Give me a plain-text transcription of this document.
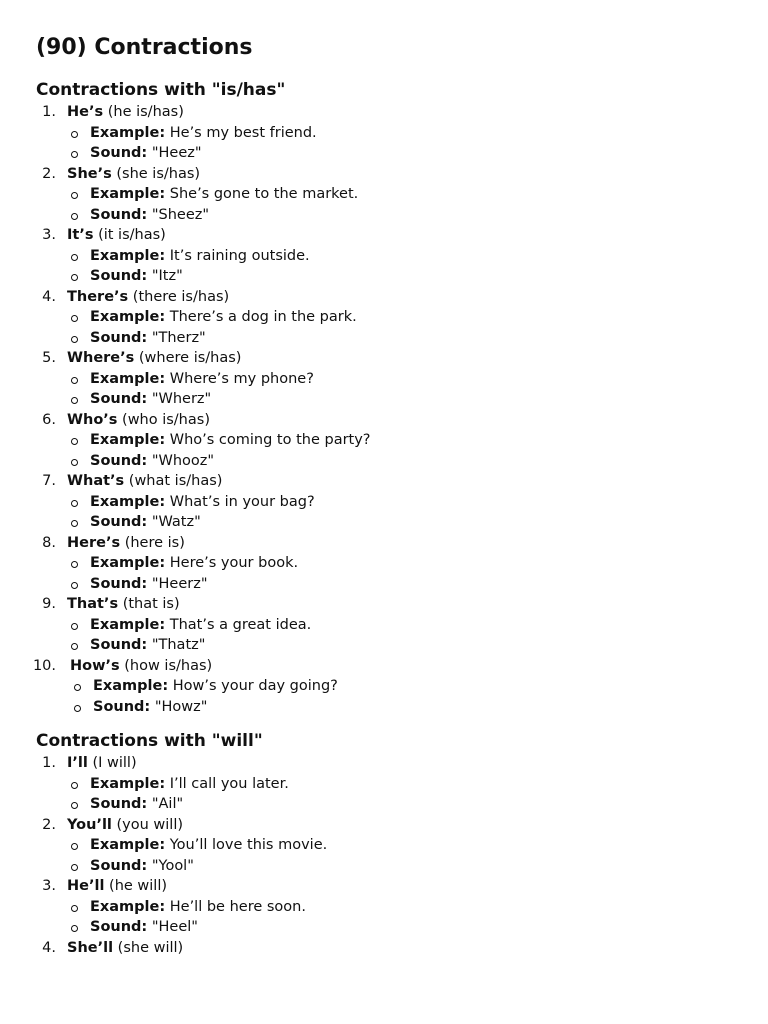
(90) Contractions
Contractions with "is/has"
1. He’s (he is/has)
Example: He’s my best friend.
Sound: "Heez"
2. She’s (she is/has)
Example: She’s gone to the market.
Sound: "Sheez"
3. It’s (it is/has)
Example: It’s raining outside.
Sound: "Itz"
4. There’s (there is/has)
Example: There’s a dog in the park.
Sound: "Therz"
5. Where’s (where is/has)
Example: Where’s my phone?
Sound: "Wherz"
6. Who’s (who is/has)
Example: Who’s coming to the party?
Sound: "Whooz"
7. What’s (what is/has)
Example: What’s in your bag?
Sound: "Watz"
8. Here’s (here is)
Example: Here’s your book.
Sound: "Heerz"
9. That’s (that is)
Example: That’s a great idea.
Sound: "Thatz"
10. How’s (how is/has)
Example: How’s your day going?
Sound: "Howz"
Contractions with "will"
1. I’ll (I will)
Example: I’ll call you later.
Sound: "Ail"
2. You’ll (you will)
Example: You’ll love this movie.
Sound: "Yool"
3. He’ll (he will)
Example: He’ll be here soon.
Sound: "Heel"
4. She’ll (she will)
